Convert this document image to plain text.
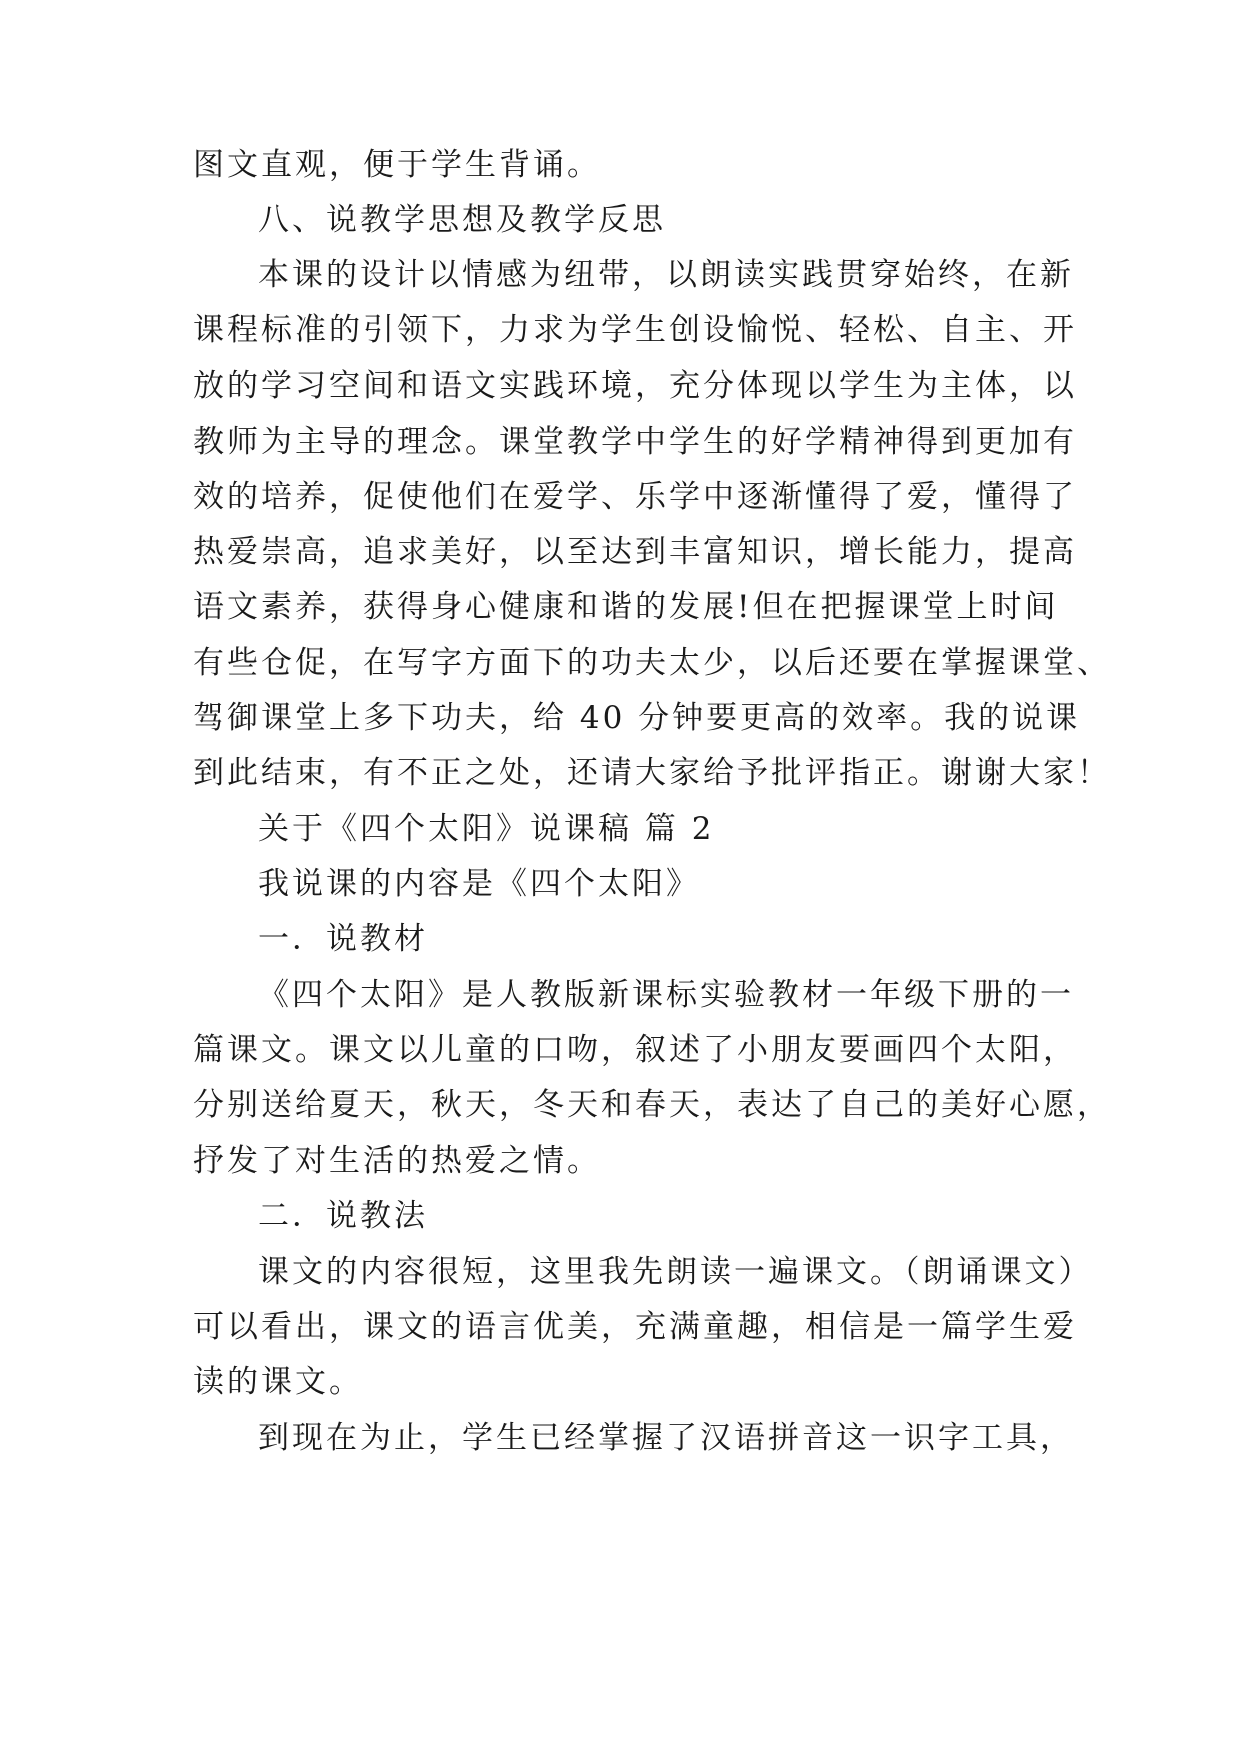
图文直观，便于学生背诵。
八、说教学思想及教学反思
本课的设计以情感为纽带，以朗读实践贯穿始终，在新
课程标准的引领下，力求为学生创设愉悦、轻松、自主、开
放的学习空间和语文实践环境，充分体现以学生为主体，以
教师为主导的理念。课堂教学中学生的好学精神得到更加有
效的培养，促使他们在爱学、乐学中逐渐懂得了爱，懂得了
热爱崇高，追求美好，以至达到丰富知识，增长能力，提高
语文素养，获得身心健康和谐的发展!但在把握课堂上时间
有些仓促，在写字方面下的功夫太少，以后还要在掌握课堂、
驾御课堂上多下功夫，给 40 分钟要更高的效率。我的说课
到此结束，有不正之处，还请大家给予批评指正。谢谢大家！
关于《四个太阳》说课稿 篇 2
我说课的内容是《四个太阳》
一．说教材
《四个太阳》是人教版新课标实验教材一年级下册的一
篇课文。课文以儿童的口吻，叙述了小朋友要画四个太阳，
分别送给夏天，秋天，冬天和春天，表达了自己的美好心愿，
抒发了对生活的热爱之情。
二．说教法
课文的内容很短，这里我先朗读一遍课文。（朗诵课文）
可以看出，课文的语言优美，充满童趣，相信是一篇学生爱
读的课文。
到现在为止，学生已经掌握了汉语拼音这一识字工具，
